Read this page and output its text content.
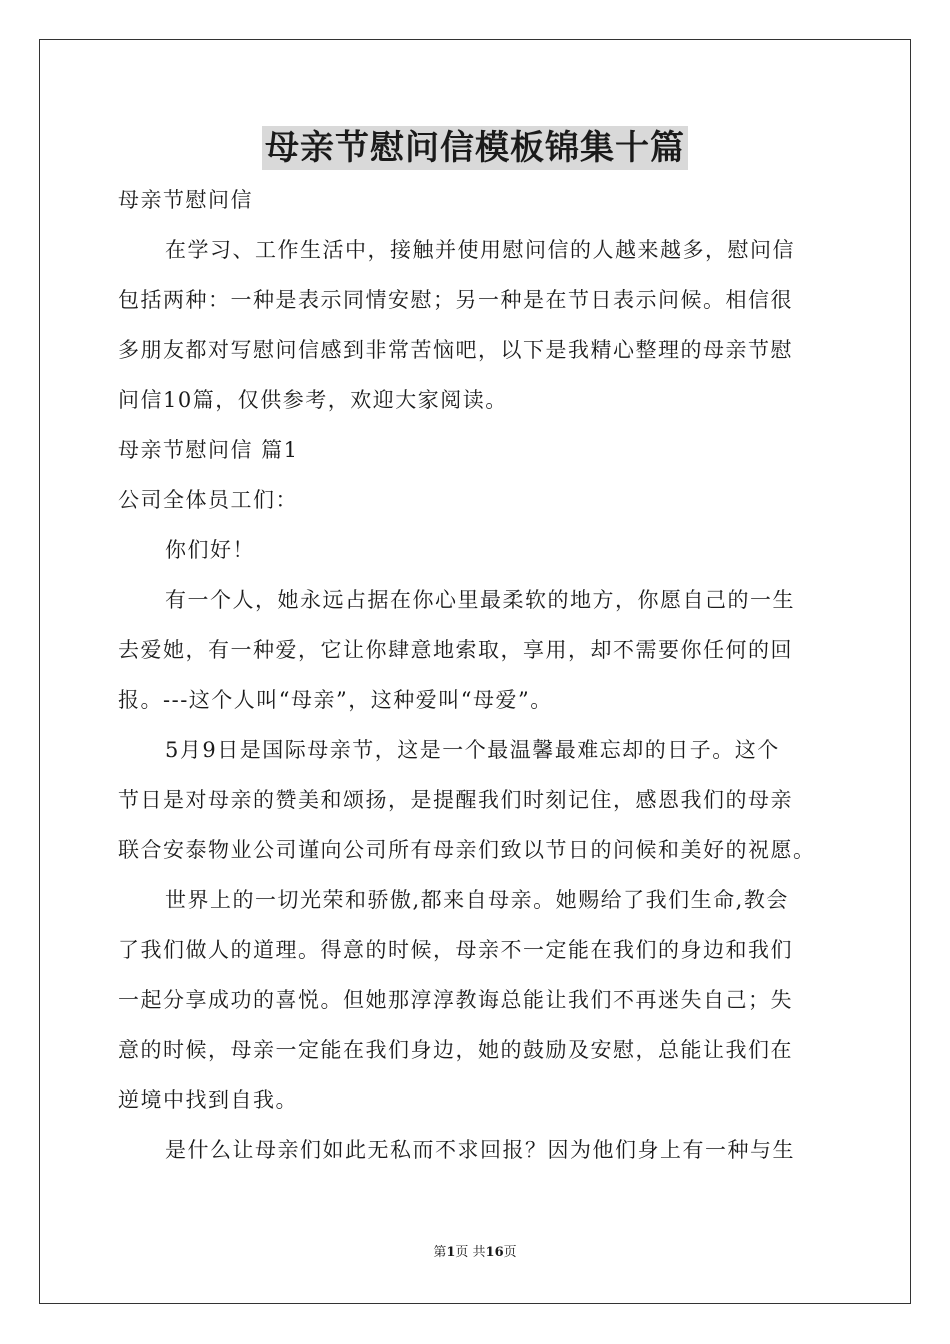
母亲节慰问信模板锦集十篇
母亲节慰问信
在学习、工作生活中，接触并使用慰问信的人越来越多，慰问信
包括两种：一种是表示同情安慰；另一种是在节日表示问候。相信很
多朋友都对写慰问信感到非常苦恼吧，以下是我精心整理的母亲节慰
问信10篇，仅供参考，欢迎大家阅读。
母亲节慰问信 篇1
公司全体员工们：
你们好！
有一个人，她永远占据在你心里最柔软的地方，你愿自己的一生
去爱她，有一种爱，它让你肆意地索取，享用，却不需要你任何的回
报。---这个人叫“母亲”，这种爱叫“母爱”。
5月9日是国际母亲节，这是一个最温馨最难忘却的日子。这个
节日是对母亲的赞美和颂扬，是提醒我们时刻记住，感恩我们的母亲
联合安泰物业公司谨向公司所有母亲们致以节日的问候和美好的祝愿。
世界上的一切光荣和骄傲,都来自母亲。她赐给了我们生命,教会
了我们做人的道理。得意的时候，母亲不一定能在我们的身边和我们
一起分享成功的喜悦。但她那淳淳教诲总能让我们不再迷失自己；失
意的时候，母亲一定能在我们身边，她的鼓励及安慰，总能让我们在
逆境中找到自我。
是什么让母亲们如此无私而不求回报？因为他们身上有一种与生
第1页 共16页
